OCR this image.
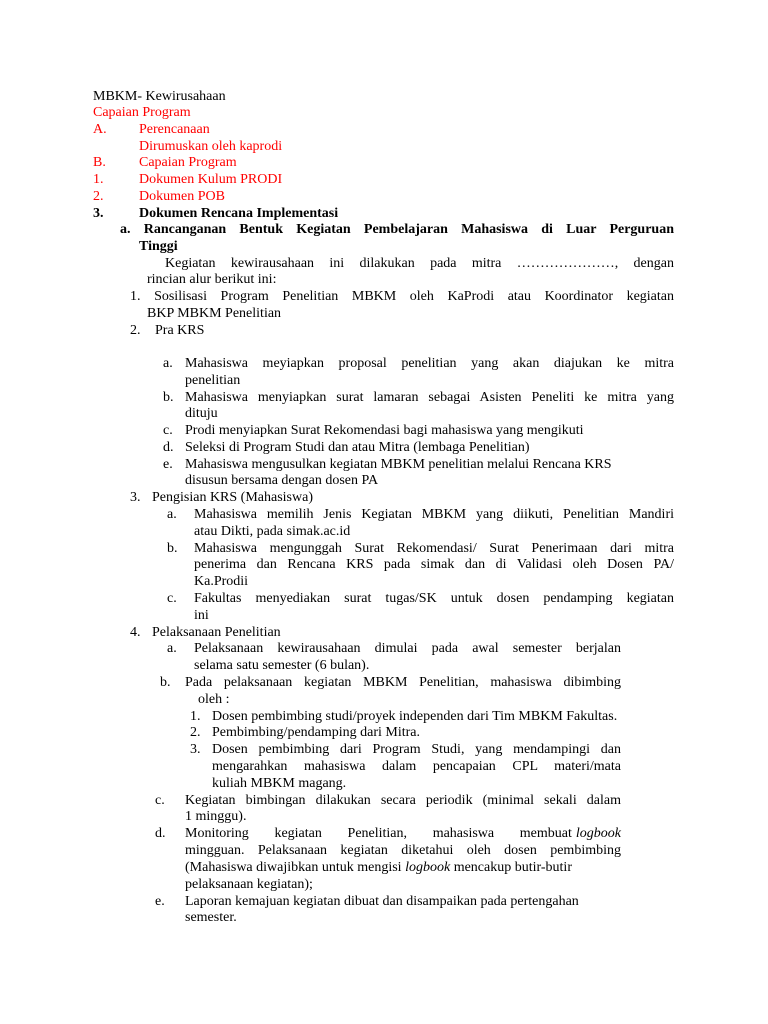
MBKM- Kewirusahaan
Capaian Program
A. Perencanaan
Dirumuskan oleh kaprodi
B. Capaian Program
1.	Dokumen Kulum PRODI
2.	Dokumen POB
3.	Dokumen Rencana Implementasi
a. Rancanganan Bentuk Kegiatan Pembelajaran Mahasiswa di Luar Perguruan
Tinggi
Kegiatan kewirausahaan ini dilakukan pada mitra …………………, dengan
rincian alur berikut ini:
1. Sosilisasi Program Penelitian MBKM oleh KaProdi atau Koordinator kegiatan
BKP MBKM Penelitian
2. Pra KRS
a. Mahasiswa meyiapkan proposal penelitian yang akan diajukan ke mitra
penelitian
b. Mahasiswa menyiapkan surat lamaran sebagai Asisten Peneliti ke mitra yang
dituju
c. Prodi menyiapkan Surat Rekomendasi bagi mahasiswa yang mengikuti
d. Seleksi di Program Studi dan atau Mitra (lembaga Penelitian)
e. Mahasiswa mengusulkan kegiatan MBKM penelitian melalui Rencana KRS
disusun bersama dengan dosen PA
3. Pengisian KRS (Mahasiswa)
a. Mahasiswa memilih Jenis Kegiatan MBKM yang diikuti, Penelitian Mandiri
atau Dikti, pada simak.ac.id
b. Mahasiswa mengunggah Surat Rekomendasi/ Surat Penerimaan dari mitra
penerima dan Rencana KRS pada simak dan di Validasi oleh Dosen PA/
Ka.Prodii
c. Fakultas menyediakan surat tugas/SK untuk dosen pendamping kegiatan
ini
4. Pelaksanaan Penelitian
a. Pelaksanaan kewirausahaan dimulai pada awal semester berjalan
selama satu semester (6 bulan).
b. Pada pelaksanaan kegiatan MBKM Penelitian, mahasiswa dibimbing
oleh :
1. Dosen pembimbing studi/proyek independen dari Tim MBKM Fakultas.
2. Pembimbing/pendamping dari Mitra.
3. Dosen pembimbing dari Program Studi, yang mendampingi dan
mengarahkan mahasiswa dalam pencapaian CPL materi/mata
kuliah MBKM magang.
c. Kegiatan bimbingan dilakukan secara periodik (minimal sekali dalam
1 minggu).
d. Monitoring kegiatan Penelitian, mahasiswa membuat logbook
mingguan. Pelaksanaan kegiatan diketahui oleh dosen pembimbing
(Mahasiswa diwajibkan untuk mengisi logbook mencakup butir-butir
pelaksanaan kegiatan);
e. Laporan kemajuan kegiatan dibuat dan disampaikan pada pertengahan
semester.
